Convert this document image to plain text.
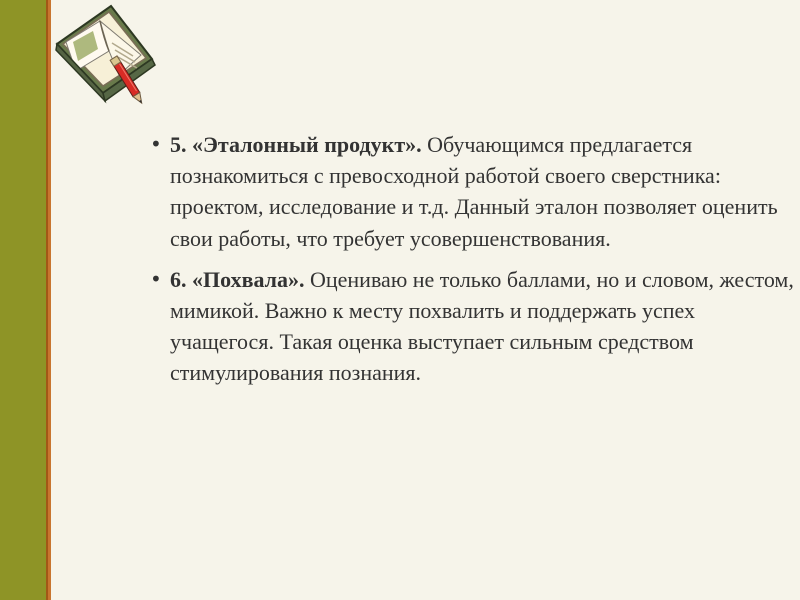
• 5. «Эталонный продукт». Обучающимся предлагается познакомиться с превосходной работой своего сверстника: проектом, исследование и т.д. Данный эталон позволяет оценить свои работы, что требует усовершенствования.
• 6. «Похвала». Оцениваю не только баллами, но и словом, жестом, мимикой. Важно к месту похвалить и поддержать успех учащегося. Такая оценка выступает сильным средством стимулирования познания.
